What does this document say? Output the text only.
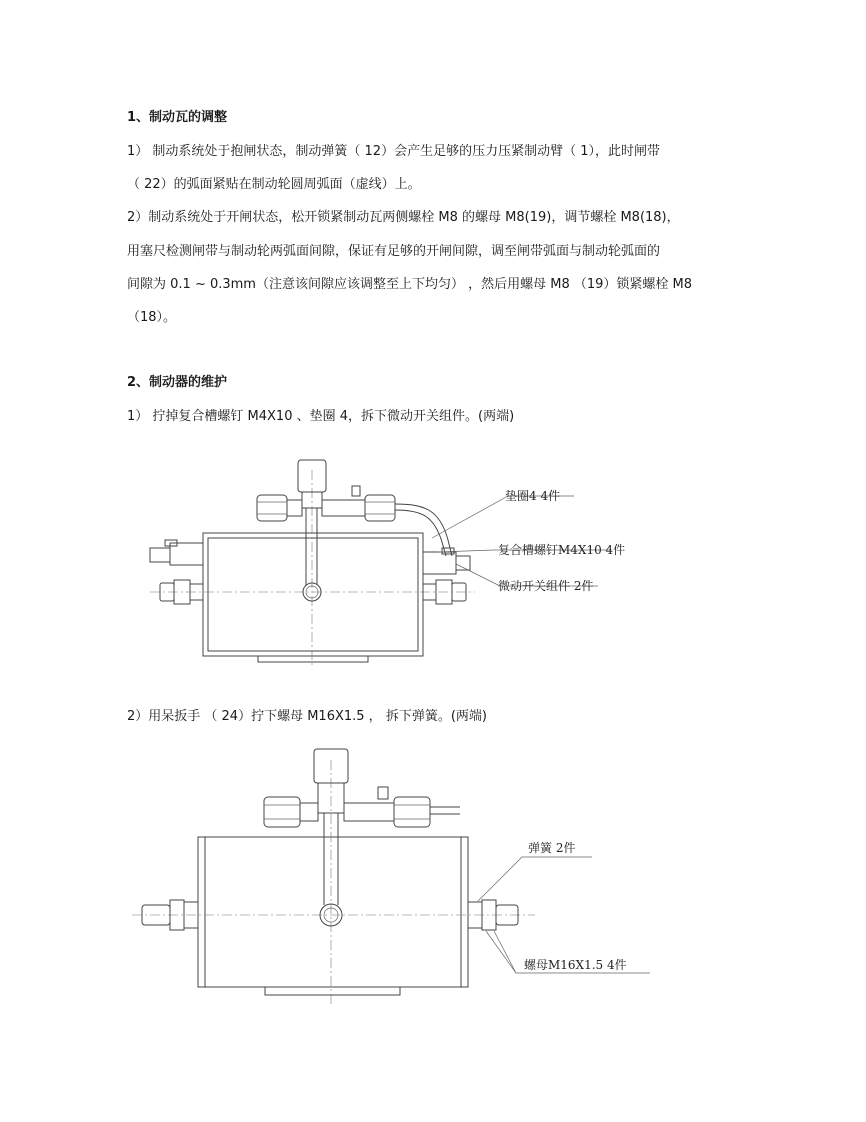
1、制动瓦的调整
1） 制动系统处于抱闸状态，制动弹簧（ 12）会产生足够的压力压紧制动臂（ 1），此时闸带
（ 22）的弧面紧贴在制动轮圆周弧面（虚线）上。
2）制动系统处于开闸状态，松开锁紧制动瓦两侧螺栓 M8 的螺母 M8(19)，调节螺栓 M8(18)，
用塞尺检测闸带与制动轮两弧面间隙，保证有足够的开闸间隙，调至闸带弧面与制动轮弧面的
间隙为 0.1 ~ 0.3mm（注意该间隙应该调整至上下均匀） ，然后用螺母 M8 （19）锁紧螺栓 M8
（18）。
2、制动器的维护
1） 拧掉复合槽螺钉 M4X10 、垫圈 4，拆下微动开关组件。(两端)
垫圈4 4件
复合槽螺钉M4X10 4件
微动开关组件 2件
2）用呆扳手 （ 24）拧下螺母 M16X1.5 ， 拆下弹簧。(两端)
弹簧 2件
螺母M16X1.5 4件
